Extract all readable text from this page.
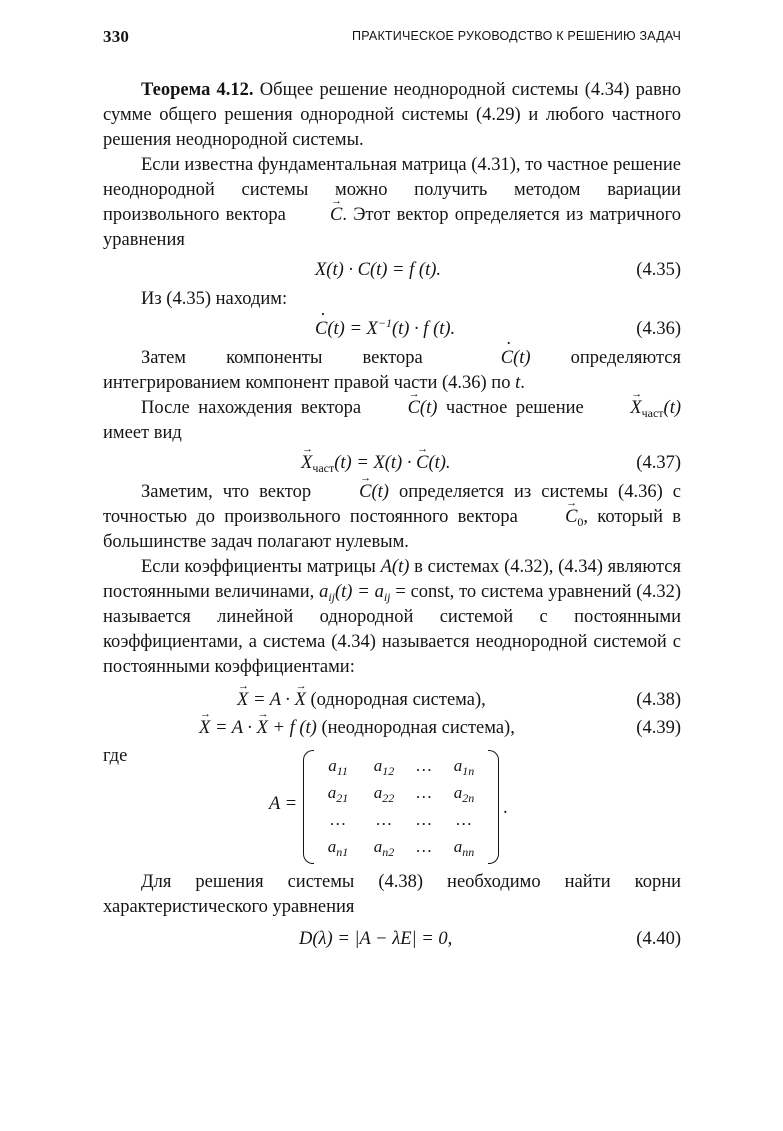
330	ПРАКТИЧЕСКОЕ РУКОВОДСТВО К РЕШЕНИЮ ЗАДАЧ

Теорема 4.12. Общее решение неоднородной системы (4.34) равно сумме общего решения однородной системы (4.29) и любого частного решения неоднородной системы.

Если известна фундаментальная матрица (4.31), то частное решение неоднородной системы можно получить методом вариации произвольного вектора → C. Этот вектор определяется из матричного уравнения

X(t) · C(t) = f (t).	(4.35)

Из (4.35) находим:

· $C(t) = X^{-1}(t) \cdot f$ (t).	(4.36)

Затем компоненты вектора · C(t) определяются интегрированием компонент правой части (4.36) по t.

После нахождения вектора → C(t) частное решение → $X_{част}(t)$ имеет вид

→ $X_{част}(t) = X(t)$ · → C(t).	(4.37)

Заметим, что вектор → C(t) определяется из системы (4.36) с точностью до произвольного постоянного вектора → $C_0$, который в большинстве задач полагают нулевым.

Если коэффициенты матрицы A(t) в системах (4.32), (4.34) являются постоянными величинами, $a_{ij}(t) = a_{ij}$ = const, то система уравнений (4.32) называется линейной однородной системой с постоянными коэффициентами, а система (4.34) называется неоднородной системой с постоянными коэффициентами:

→ X = A · → X (однородная система),	(4.38)
→ X = A · → X + f (t) (неоднородная система),	(4.39)
где
A =
$a_{11}$	$a_{12}$	…	$a_{1n}$
$a_{21}$	$a_{22}$	…	$a_{2n}$
…	…	…	…
$a_{n1}$	$a_{n2}$	…	$a_{nn}$
.

Для решения системы (4.38) необходимо найти корни характеристического уравнения

D(λ) = |A − λE| = 0,	(4.40)
